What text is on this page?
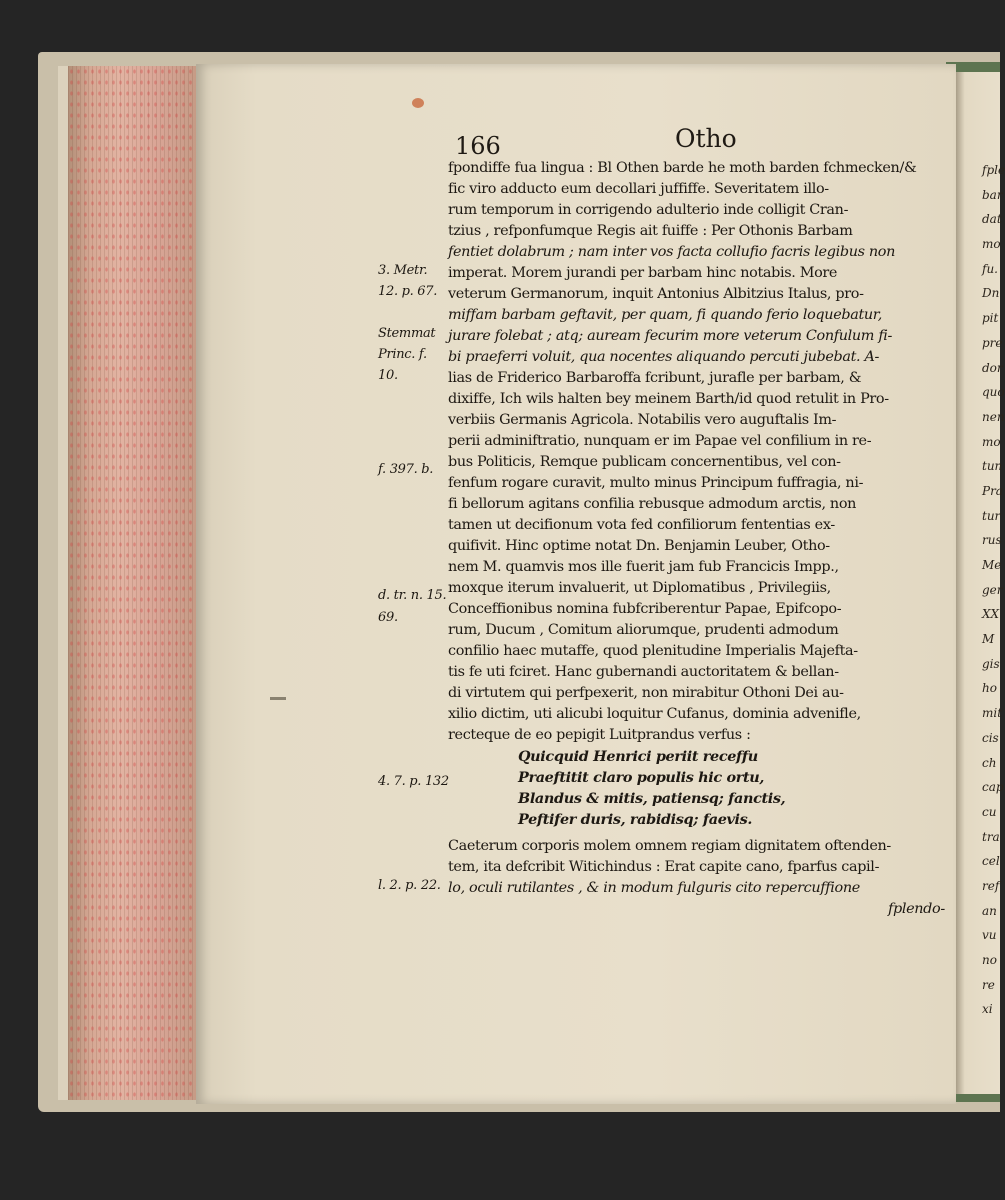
166	Otho
3. Metr.
12. p. 67.
Stemmat
Princ. f.
10.
f. 397. b.
d. tr. n. 15.
69.
4. 7. p. 132
l. 2. p. 22.
fpondiffe fua lingua : Bl Othen barde he moth barden fchmecken/&
fic viro adducto eum decollari juffiffe. Severitatem illo-
rum temporum in corrigendo adulterio inde colligit Cran-
tzius , refponfumque Regis ait fuiffe : Per Othonis Barbam
fentiet dolabrum ; nam inter vos facta collufio facris legibus non
imperat. Morem jurandi per barbam hinc notabis. More
veterum Germanorum, inquit Antonius Albitzius Italus, pro-
miffam barbam geftavit, per quam, fi quando ferio loquebatur,
jurare folebat ; atq; auream fecurim more veterum Confulum fi-
bi praeferri voluit, qua nocentes aliquando percuti jubebat. A-
lias de Friderico Barbaroffa fcribunt, jurafle per barbam, &
dixiffe, Ich wils halten bey meinem Barth/id quod retulit in Pro-
verbiis Germanis Agricola. Notabilis vero auguftalis Im-
perii adminiftratio, nunquam er im Papae vel confilium in re-
bus Politicis, Remque publicam concernentibus, vel con-
fenfum rogare curavit, multo minus Principum fuffragia, ni-
fi bellorum agitans confilia rebusque admodum arctis, non
tamen ut decifionum vota fed confiliorum fententias ex-
quifivit. Hinc optime notat Dn. Benjamin Leuber, Otho-
nem M. quamvis mos ille fuerit jam fub Francicis Impp.,
moxque iterum invaluerit, ut Diplomatibus , Privilegiis,
Conceffionibus nomina fubfcriberentur Papae, Epifcopo-
rum, Ducum , Comitum aliorumque, prudenti admodum
confilio haec mutaffe, quod plenitudine Imperialis Majefta-
tis fe uti fciret. Hanc gubernandi auctoritatem & bellan-
di virtutem qui perfpexerit, non mirabitur Othoni Dei au-
xilio dictim, uti alicubi loquitur Cufanus, dominia advenifle,
recteque de eo pepigit Luitprandus verfus :
Quicquid Henrici periit receffu
Praeftitit claro populis hic ortu,
Blandus & mitis, patiensq; fanctis,
Peftifer duris, rabidisq; faevis.
Caeterum corporis molem omnem regiam dignitatem oftenden-
tem, ita defcribit Witichindus : Erat capite cano, fparfus capil-
lo, oculi rutilantes , & in modum fulguris cito repercuffione
fplendo-
fple
bar
dat
mo
fu.
Dn
pit
pre
dor
quo
nen
mo
tun
Pra
tur
rus
Me
ger
XX
M
gis
ho
mit
cis
ch
cap
cu
tra
cel
ref
an
vu
no
re
xi
